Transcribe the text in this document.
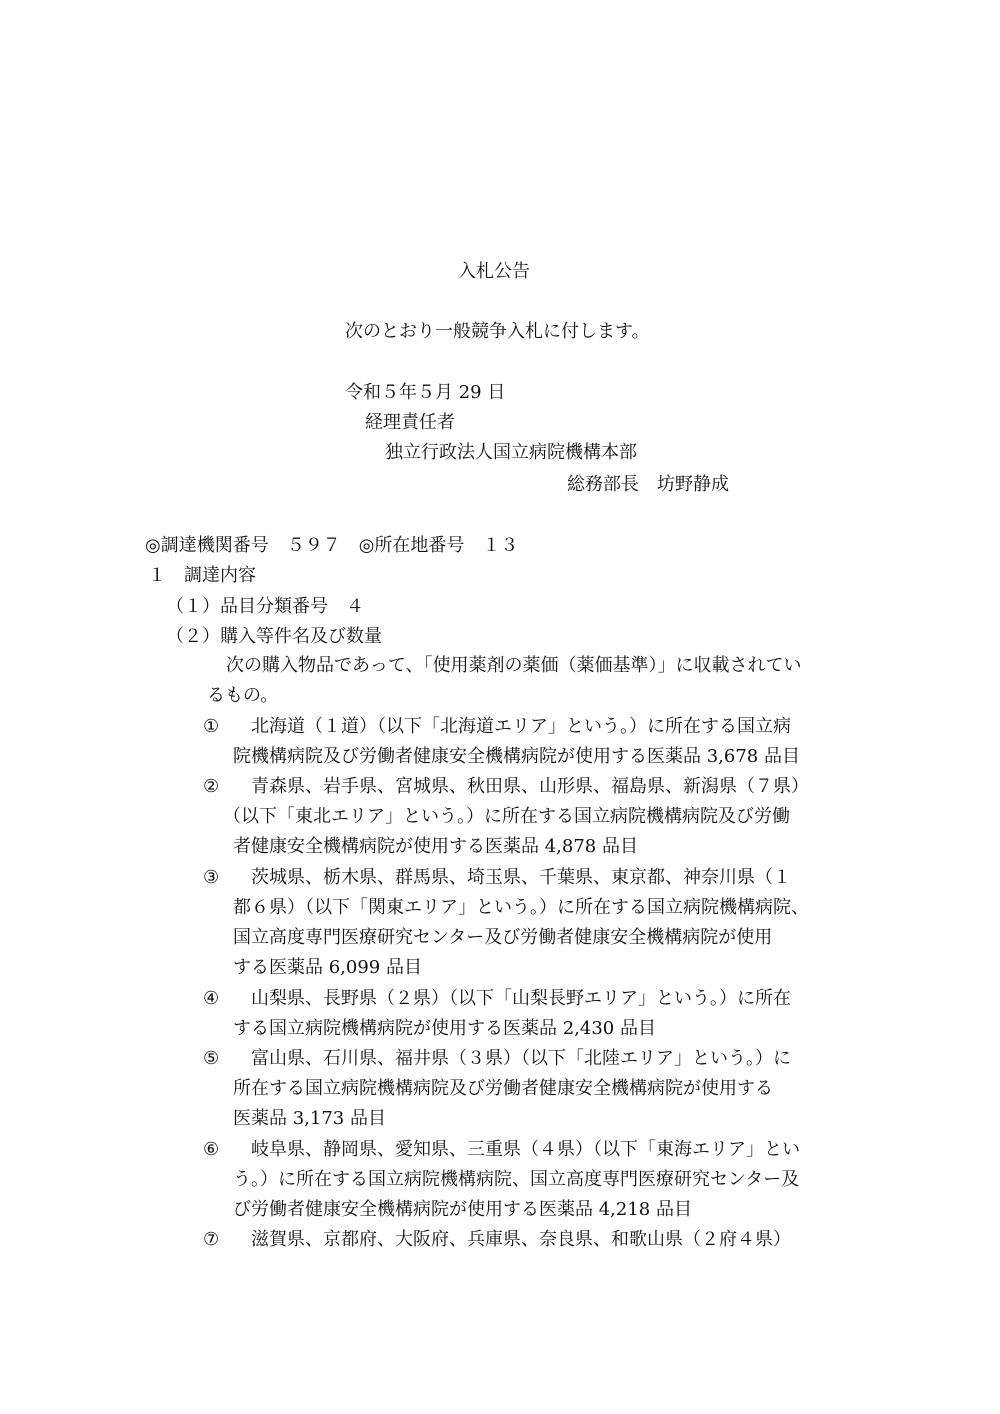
入札公告
次のとおり一般競争入札に付します。
令和５年５月 29 日
経理責任者
独立行政法人国立病院機構本部
総務部長　坊野静成
◎調達機関番号　５９７　◎所在地番号　１３
１　調達内容
（１）品目分類番号　４
（２）購入等件名及び数量
次の購入物品であって、「使用薬剤の薬価（薬価基準）」に収載されてい
るもの。
① 　北海道（１道）（以下「北海道エリア」という。）に所在する国立病
院機構病院及び労働者健康安全機構病院が使用する医薬品 3,678 品目
② 　青森県、岩手県、宮城県、秋田県、山形県、福島県、新潟県（７県）
（以下「東北エリア」という。）に所在する国立病院機構病院及び労働
者健康安全機構病院が使用する医薬品 4,878 品目
③ 　茨城県、栃木県、群馬県、埼玉県、千葉県、東京都、神奈川県（１
都６県）（以下「関東エリア」という。）に所在する国立病院機構病院、
国立高度専門医療研究センター及び労働者健康安全機構病院が使用
する医薬品 6,099 品目
④ 　山梨県、長野県（２県）（以下「山梨長野エリア」という。）に所在
する国立病院機構病院が使用する医薬品 2,430 品目
⑤ 　富山県、石川県、福井県（３県）（以下「北陸エリア」という。）に
所在する国立病院機構病院及び労働者健康安全機構病院が使用する
医薬品 3,173 品目
⑥ 　岐阜県、静岡県、愛知県、三重県（４県）（以下「東海エリア」とい
う。）に所在する国立病院機構病院、国立高度専門医療研究センター及
び労働者健康安全機構病院が使用する医薬品 4,218 品目
⑦ 　滋賀県、京都府、大阪府、兵庫県、奈良県、和歌山県（２府４県）
